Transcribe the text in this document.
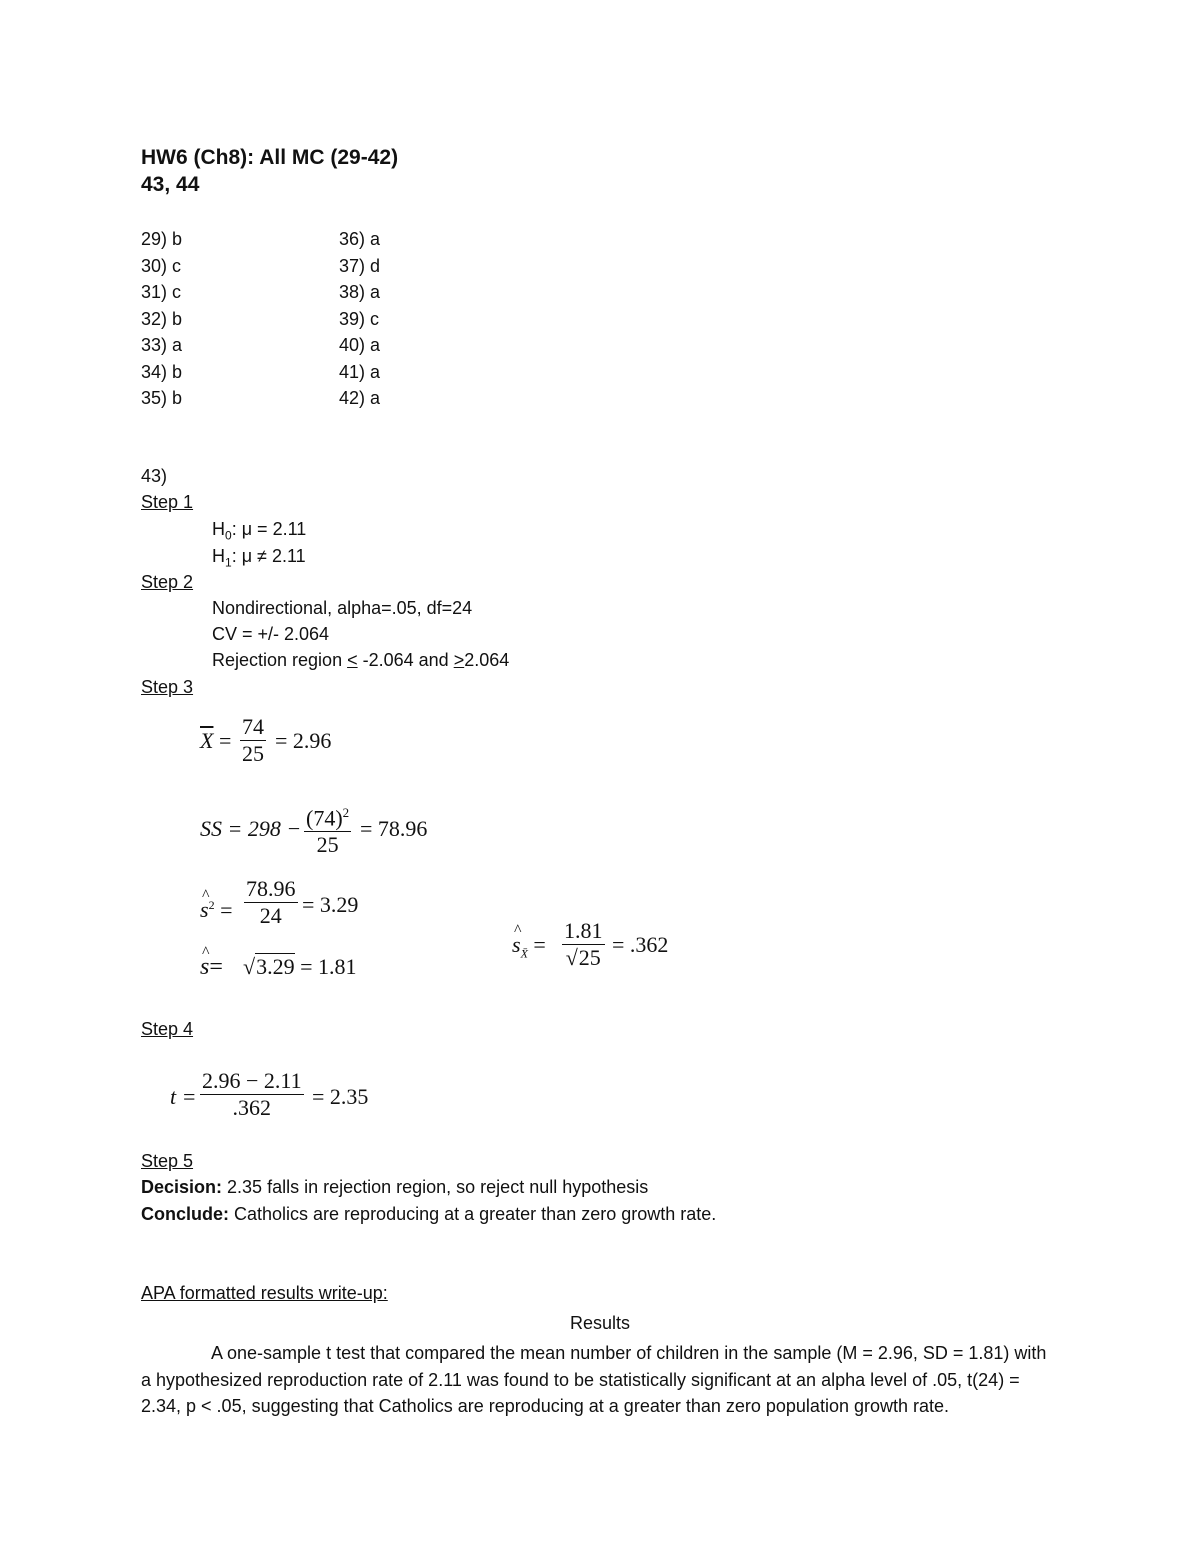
HW6 (Ch8): All MC (29-42)
43, 44
29) b
30) c
31) c
32) b
33) a
34) b
35) b
36) a
37) d
38) a
39) c
40) a
41) a
42) a
43)
Step 1
$H_0$: μ = 2.11
$H_1$: μ ≠ 2.11
Step 2
Nondirectional, alpha=.05, df=24
CV = +/- 2.064
Rejection region < -2.064 and >2.064
Step 3
$\overline{X}$ =
74
25
= 2.96
SS = $298 - (74)^2$
25
= 78.96
^ $s^2$ =
78.96
24 = 3.29
^ s= √3.29 = 1.81
^ $s_{X̄}$ =
1.81
√25
= .362
Step 4
t =
2.96 − 2.11
.362	= 2.35
Step 5
Decision: 2.35 falls in rejection region, so reject null hypothesis
Conclude: Catholics are reproducing at a greater than zero growth rate.
APA formatted results write-up:
Results
A one-sample t test that compared the mean number of children in the sample (M = 2.96, SD = 1.81) with a hypothesized reproduction rate of 2.11 was found to be statistically significant at an alpha level of .05, t(24) = 2.34, p < .05, suggesting that Catholics are reproducing at a greater than zero population growth rate.
